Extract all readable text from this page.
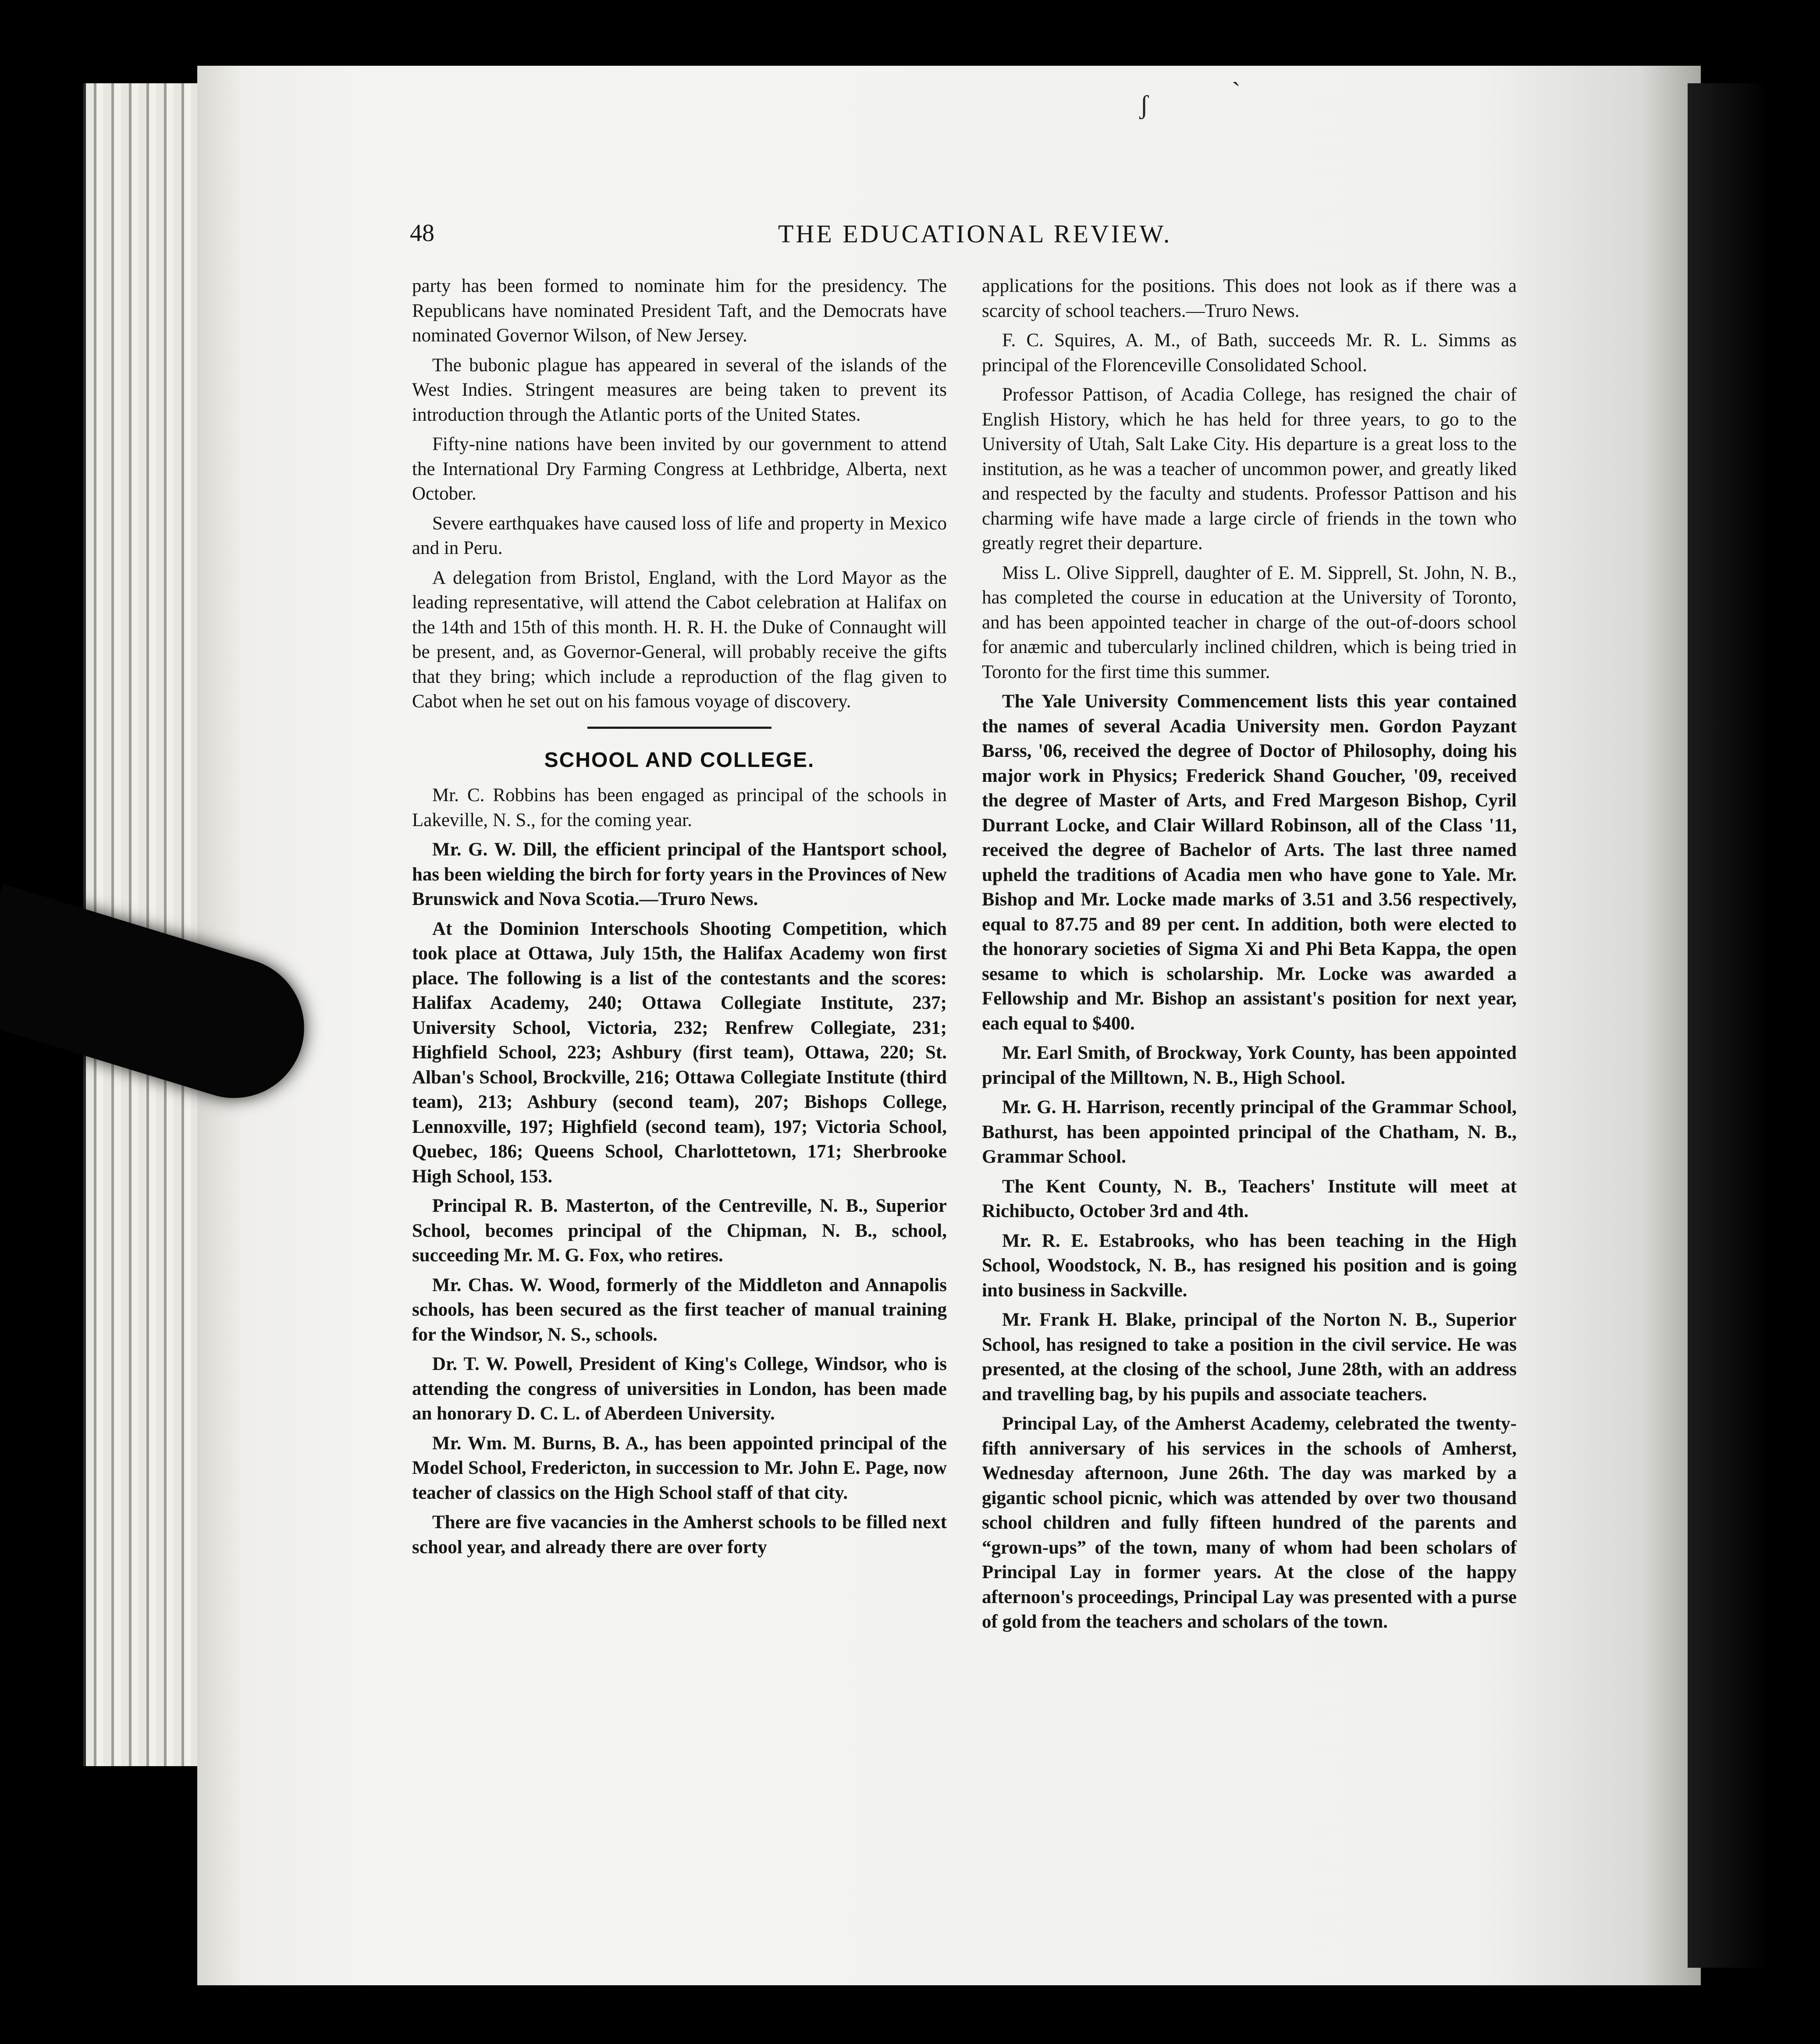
ʃ	ˋ
48	THE EDUCATIONAL REVIEW.

party has been formed to nominate him for the presidency. The Republicans have nominated President Taft, and the Democrats have nominated Governor Wilson, of New Jersey.

The bubonic plague has appeared in several of the islands of the West Indies. Stringent measures are being taken to prevent its introduction through the Atlantic ports of the United States.

Fifty-nine nations have been invited by our government to attend the International Dry Farming Congress at Lethbridge, Alberta, next October.

Severe earthquakes have caused loss of life and property in Mexico and in Peru.

A delegation from Bristol, England, with the Lord Mayor as the leading representative, will attend the Cabot celebration at Halifax on the 14th and 15th of this month. H. R. H. the Duke of Connaught will be present, and, as Governor-General, will probably receive the gifts that they bring; which include a reproduction of the flag given to Cabot when he set out on his famous voyage of discovery.

SCHOOL AND COLLEGE.

Mr. C. Robbins has been engaged as principal of the schools in Lakeville, N. S., for the coming year.

Mr. G. W. Dill, the efficient principal of the Hantsport school, has been wielding the birch for forty years in the Provinces of New Brunswick and Nova Scotia.—Truro News.

At the Dominion Interschools Shooting Competition, which took place at Ottawa, July 15th, the Halifax Academy won first place. The following is a list of the contestants and the scores: Halifax Academy, 240; Ottawa Collegiate Institute, 237; University School, Victoria, 232; Renfrew Collegiate, 231; Highfield School, 223; Ashbury (first team), Ottawa, 220; St. Alban's School, Brockville, 216; Ottawa Collegiate Institute (third team), 213; Ashbury (second team), 207; Bishops College, Lennoxville, 197; Highfield (second team), 197; Victoria School, Quebec, 186; Queens School, Charlottetown, 171; Sherbrooke High School, 153.

Principal R. B. Masterton, of the Centreville, N. B., Superior School, becomes principal of the Chipman, N. B., school, succeeding Mr. M. G. Fox, who retires.

Mr. Chas. W. Wood, formerly of the Middleton and Annapolis schools, has been secured as the first teacher of manual training for the Windsor, N. S., schools.

Dr. T. W. Powell, President of King's College, Windsor, who is attending the congress of universities in London, has been made an honorary D. C. L. of Aberdeen University.

Mr. Wm. M. Burns, B. A., has been appointed principal of the Model School, Fredericton, in succession to Mr. John E. Page, now teacher of classics on the High School staff of that city.

There are five vacancies in the Amherst schools to be filled next school year, and already there are over forty

applications for the positions. This does not look as if there was a scarcity of school teachers.—Truro News.

F. C. Squires, A. M., of Bath, succeeds Mr. R. L. Simms as principal of the Florenceville Consolidated School.

Professor Pattison, of Acadia College, has resigned the chair of English History, which he has held for three years, to go to the University of Utah, Salt Lake City. His departure is a great loss to the institution, as he was a teacher of uncommon power, and greatly liked and respected by the faculty and students. Professor Pattison and his charming wife have made a large circle of friends in the town who greatly regret their departure.

Miss L. Olive Sipprell, daughter of E. M. Sipprell, St. John, N. B., has completed the course in education at the University of Toronto, and has been appointed teacher in charge of the out-of-doors school for anæmic and tubercularly inclined children, which is being tried in Toronto for the first time this summer.

The Yale University Commencement lists this year contained the names of several Acadia University men. Gordon Payzant Barss, '06, received the degree of Doctor of Philosophy, doing his major work in Physics; Frederick Shand Goucher, '09, received the degree of Master of Arts, and Fred Margeson Bishop, Cyril Durrant Locke, and Clair Willard Robinson, all of the Class '11, received the degree of Bachelor of Arts. The last three named upheld the traditions of Acadia men who have gone to Yale. Mr. Bishop and Mr. Locke made marks of 3.51 and 3.56 respectively, equal to 87.75 and 89 per cent. In addition, both were elected to the honorary societies of Sigma Xi and Phi Beta Kappa, the open sesame to which is scholarship. Mr. Locke was awarded a Fellowship and Mr. Bishop an assistant's position for next year, each equal to $400.

Mr. Earl Smith, of Brockway, York County, has been appointed principal of the Milltown, N. B., High School.

Mr. G. H. Harrison, recently principal of the Grammar School, Bathurst, has been appointed principal of the Chatham, N. B., Grammar School.

The Kent County, N. B., Teachers' Institute will meet at Richibucto, October 3rd and 4th.

Mr. R. E. Estabrooks, who has been teaching in the High School, Woodstock, N. B., has resigned his position and is going into business in Sackville.

Mr. Frank H. Blake, principal of the Norton N. B., Superior School, has resigned to take a position in the civil service. He was presented, at the closing of the school, June 28th, with an address and travelling bag, by his pupils and associate teachers.

Principal Lay, of the Amherst Academy, celebrated the twenty-fifth anniversary of his services in the schools of Amherst, Wednesday afternoon, June 26th. The day was marked by a gigantic school picnic, which was attended by over two thousand school children and fully fifteen hundred of the parents and “grown-ups” of the town, many of whom had been scholars of Principal Lay in former years. At the close of the happy afternoon's proceedings, Principal Lay was presented with a purse of gold from the teachers and scholars of the town.
